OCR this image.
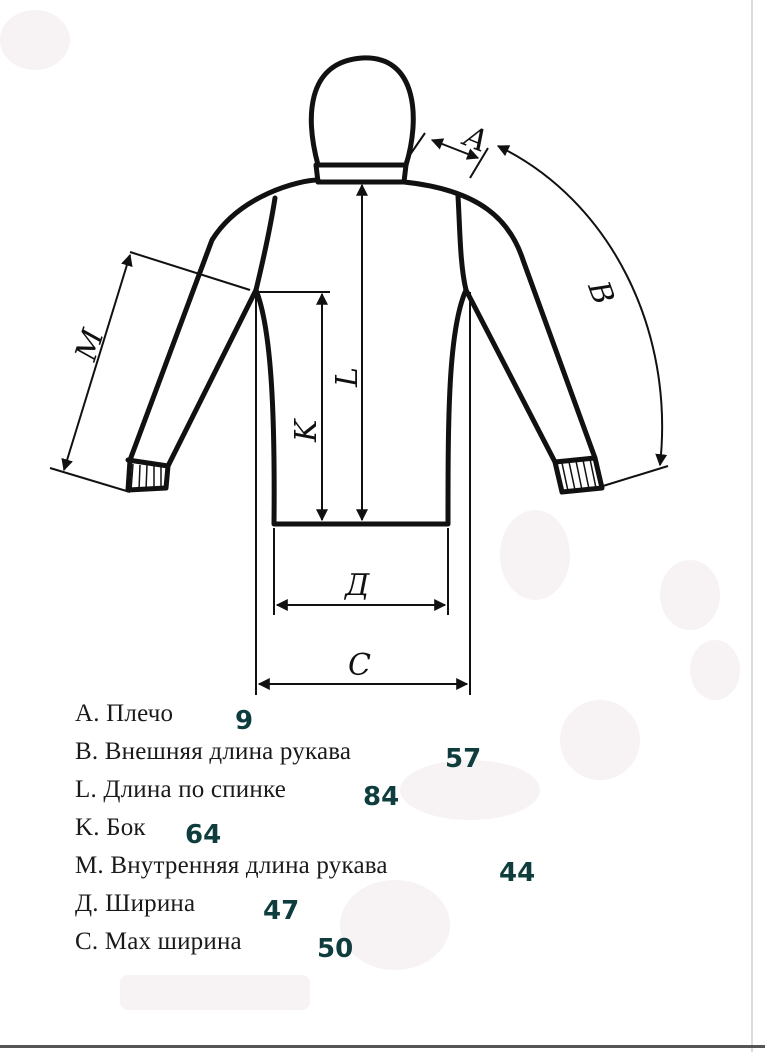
A
B
M
L
K
Д
C
A. Плечо 9
B. Внешняя длина рукава	57
L. Длина по спинке	84
K. Бок 64
M. Внутренняя длина рукава	44
Д. Ширина	47
C. Мах ширина	50
